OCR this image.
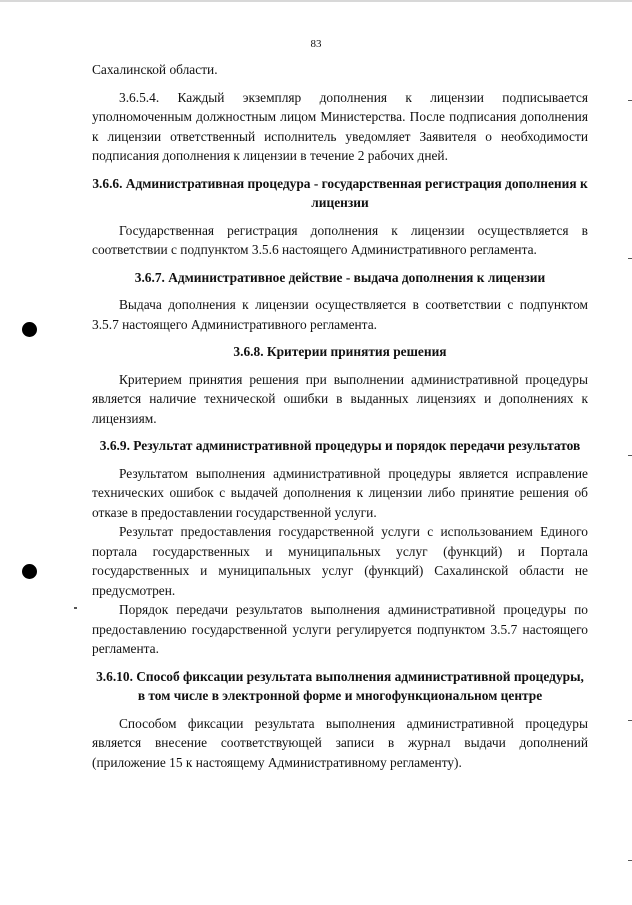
83

Сахалинской области.

3.6.5.4. Каждый экземпляр дополнения к лицензии подписывается уполномоченным должностным лицом Министерства. После подписания дополнения к лицензии ответственный исполнитель уведомляет Заявителя о необходимости подписания дополнения к лицензии в течение 2 рабочих дней.

3.6.6. Административная процедура - государственная регистрация дополнения к лицензии

Государственная регистрация дополнения к лицензии осуществляется в соответствии с подпунктом 3.5.6 настоящего Административного регламента.

3.6.7. Административное действие - выдача дополнения к лицензии

Выдача дополнения к лицензии осуществляется в соответствии с подпунктом 3.5.7 настоящего Административного регламента.

3.6.8. Критерии принятия решения

Критерием принятия решения при выполнении административной процедуры является наличие технической ошибки в выданных лицензиях и дополнениях к лицензиям.

3.6.9. Результат административной процедуры и порядок передачи результатов

Результатом выполнения административной процедуры является исправление технических ошибок с выдачей дополнения к лицензии либо принятие решения об отказе в предоставлении государственной услуги.

Результат предоставления государственной услуги с использованием Единого портала государственных и муниципальных услуг (функций) и Портала государственных и муниципальных услуг (функций) Сахалинской области не предусмотрен.

Порядок передачи результатов выполнения административной процедуры по предоставлению государственной услуги регулируется подпунктом 3.5.7 настоящего регламента.

3.6.10. Способ фиксации результата выполнения административной процедуры, в том числе в электронной форме и многофункциональном центре

Способом фиксации результата выполнения административной процедуры является внесение соответствующей записи в журнал выдачи дополнений (приложение 15 к настоящему Административному регламенту).
